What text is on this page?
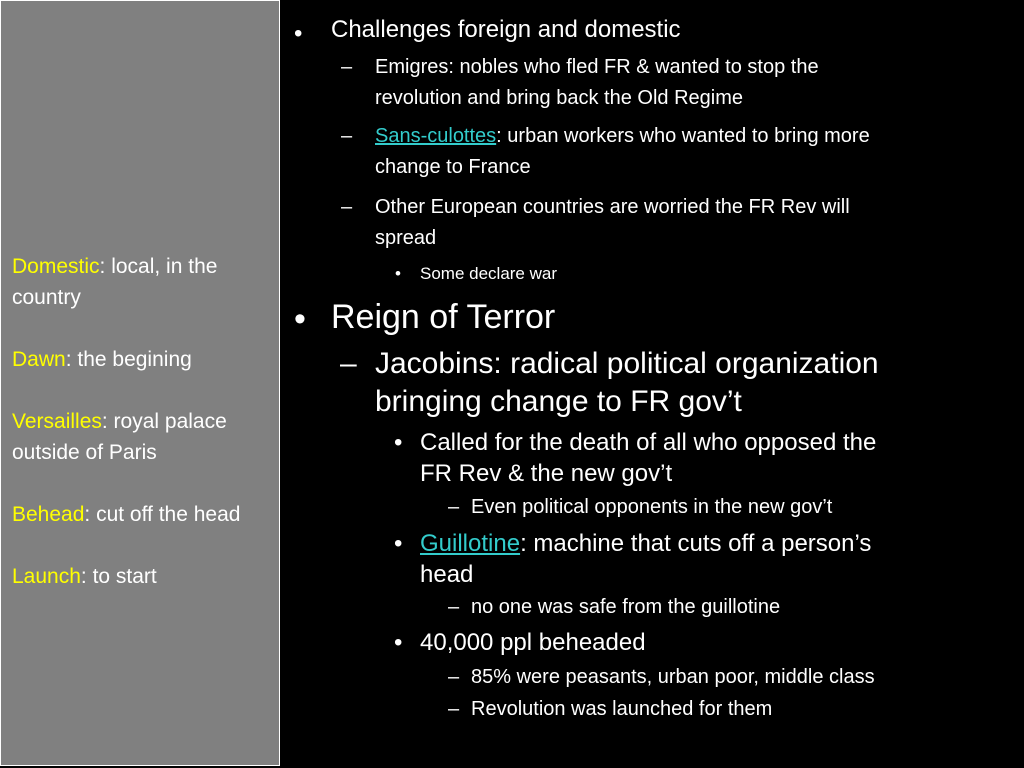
Domestic: local, in the country
Dawn: the begining
Versailles: royal palace outside of Paris
Behead: cut off the head
Launch: to start
• Challenges foreign and domestic
– Emigres: nobles who fled FR & wanted to stop the
revolution and bring back the Old Regime
– Sans-culottes: urban workers who wanted to bring more
change to France
– Other European countries are worried the FR Rev will
spread
• Some declare war
• Reign of Terror
– Jacobins: radical political organization
bringing change to FR gov’t
• Called for the death of all who opposed the
FR Rev & the new gov’t
– Even political opponents in the new gov’t
• Guillotine: machine that cuts off a person’s
head
– no one was safe from the guillotine
• 40,000 ppl beheaded
– 85% were peasants, urban poor, middle class
– Revolution was launched for them
